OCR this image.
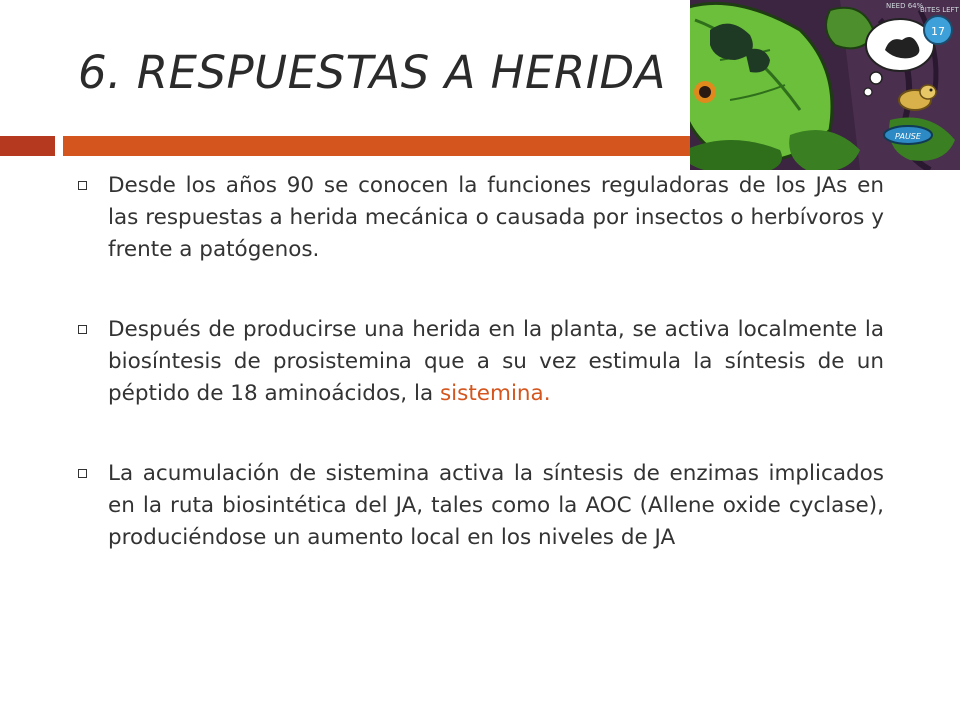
6. RESPUESTAS A HERIDA
17
NEED 64%
BITES LEFT
PAUSE
Desde los años 90 se conocen la funciones reguladoras de los JAs en las respuestas a herida mecánica o causada por insectos o herbívoros y frente a patógenos.
Después de producirse una herida en la planta, se activa localmente la biosíntesis de prosistemina que a su vez estimula la síntesis de un péptido de 18 aminoácidos, la sistemina.
La acumulación de sistemina activa la síntesis de enzimas implicados en la ruta biosintética del JA, tales como la AOC (Allene oxide cyclase), produciéndose un aumento local en los niveles de JA
